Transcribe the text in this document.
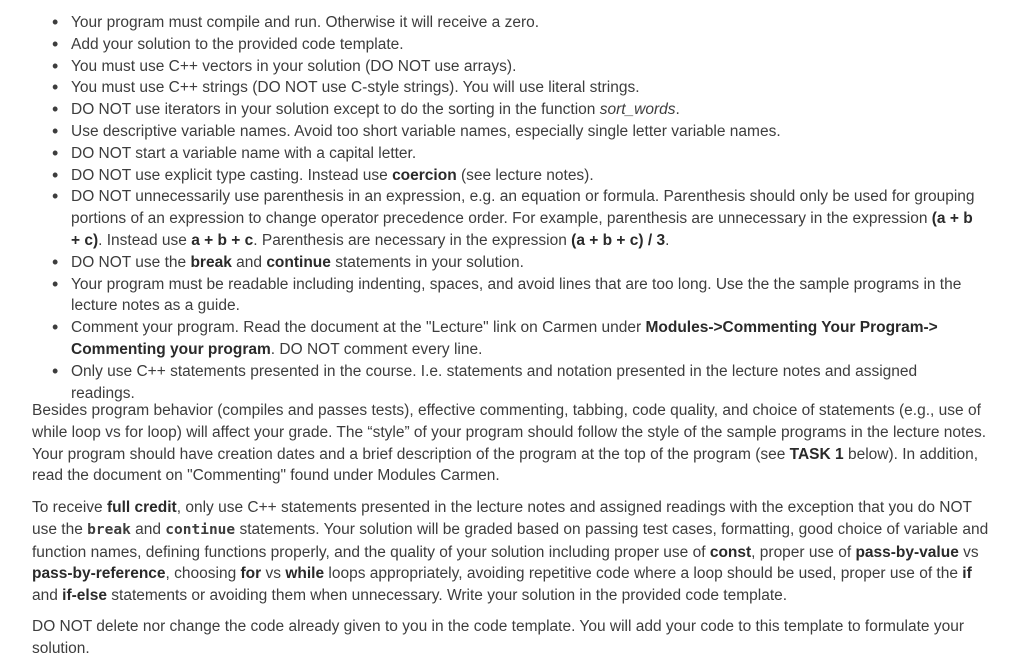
• Your program must compile and run. Otherwise it will receive a zero.
• Add your solution to the provided code template.
• You must use C++ vectors in your solution (DO NOT use arrays).
• You must use C++ strings (DO NOT use C-style strings). You will use literal strings.
• DO NOT use iterators in your solution except to do the sorting in the function sort_words.
• Use descriptive variable names. Avoid too short variable names, especially single letter variable names.
• DO NOT start a variable name with a capital letter.
• DO NOT use explicit type casting. Instead use coercion (see lecture notes).
• DO NOT unnecessarily use parenthesis in an expression, e.g. an equation or formula. Parenthesis should only be used for grouping portions of an expression to change operator precedence order. For example, parenthesis are unnecessary in the expression (a + b + c). Instead use a + b + c. Parenthesis are necessary in the expression (a + b + c) / 3.
• DO NOT use the break and continue statements in your solution.
• Your program must be readable including indenting, spaces, and avoid lines that are too long. Use the the sample programs in the lecture notes as a guide.
• Comment your program. Read the document at the "Lecture" link on Carmen under Modules->Commenting Your Program-> Commenting your program. DO NOT comment every line.
• Only use C++ statements presented in the course. I.e. statements and notation presented in the lecture notes and assigned readings.

Besides program behavior (compiles and passes tests), effective commenting, tabbing, code quality, and choice of statements (e.g., use of while loop vs for loop) will affect your grade. The “style” of your program should follow the style of the sample programs in the lecture notes. Your program should have creation dates and a brief description of the program at the top of the program (see TASK 1 below). In addition, read the document on "Commenting" found under Modules Carmen.

To receive full credit, only use C++ statements presented in the lecture notes and assigned readings with the exception that you do NOT use the break and continue statements. Your solution will be graded based on passing test cases, formatting, good choice of variable and function names, defining functions properly, and the quality of your solution including proper use of const, proper use of pass-by-value vs pass-by-reference, choosing for vs while loops appropriately, avoiding repetitive code where a loop should be used, proper use of the if and if-else statements or avoiding them when unnecessary. Write your solution in the provided code template.

DO NOT delete nor change the code already given to you in the code template. You will add your code to this template to formulate your solution.
